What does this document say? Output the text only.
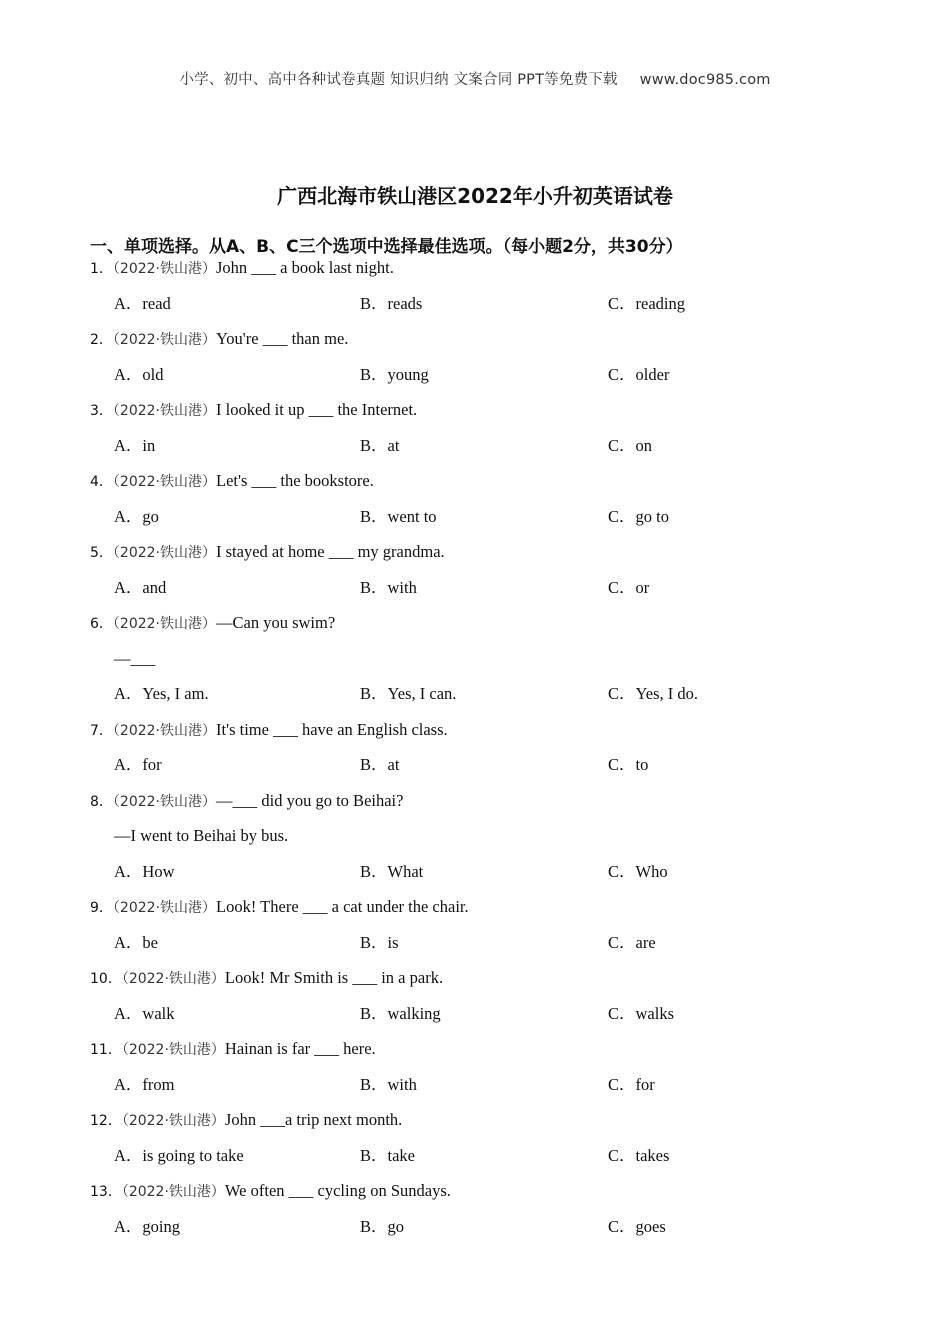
小学、初中、高中各种试卷真题 知识归纳 文案合同 PPT等免费下载 www.doc985.com
广西北海市铁山港区2022年小升初英语试卷
一、单项选择。从A、B、C三个选项中选择最佳选项。（每小题2分，共30分）
1．（2022·铁山港）John ___ a book last night.
A．read	B．reads	C．reading
2．（2022·铁山港）You're ___ than me.
A．old	B．young	C．older
3．（2022·铁山港）I looked it up ___ the Internet.
A．in	B．at	C．on
4．（2022·铁山港）Let's ___ the bookstore.
A．go	B．went to	C．go to
5．（2022·铁山港）I stayed at home ___ my grandma.
A．and	B．with	C．or
6．（2022·铁山港）—Can you swim?
—___
A．Yes, I am.	B．Yes, I can.	C．Yes, I do.
7．（2022·铁山港）It's time ___ have an English class.
A．for	B．at	C．to
8．（2022·铁山港）—___ did you go to Beihai?
—I went to Beihai by bus.
A．How	B．What	C．Who
9．（2022·铁山港）Look! There ___ a cat under the chair.
A．be	B．is	C．are
10．（2022·铁山港）Look! Mr Smith is ___ in a park.
A．walk	B．walking	C．walks
11．（2022·铁山港）Hainan is far ___ here.
A．from	B．with	C．for
12．（2022·铁山港）John ___a trip next month.
A．is going to take	B．take	C．takes
13．（2022·铁山港）We often ___ cycling on Sundays.
A．going	B．go	C．goes
